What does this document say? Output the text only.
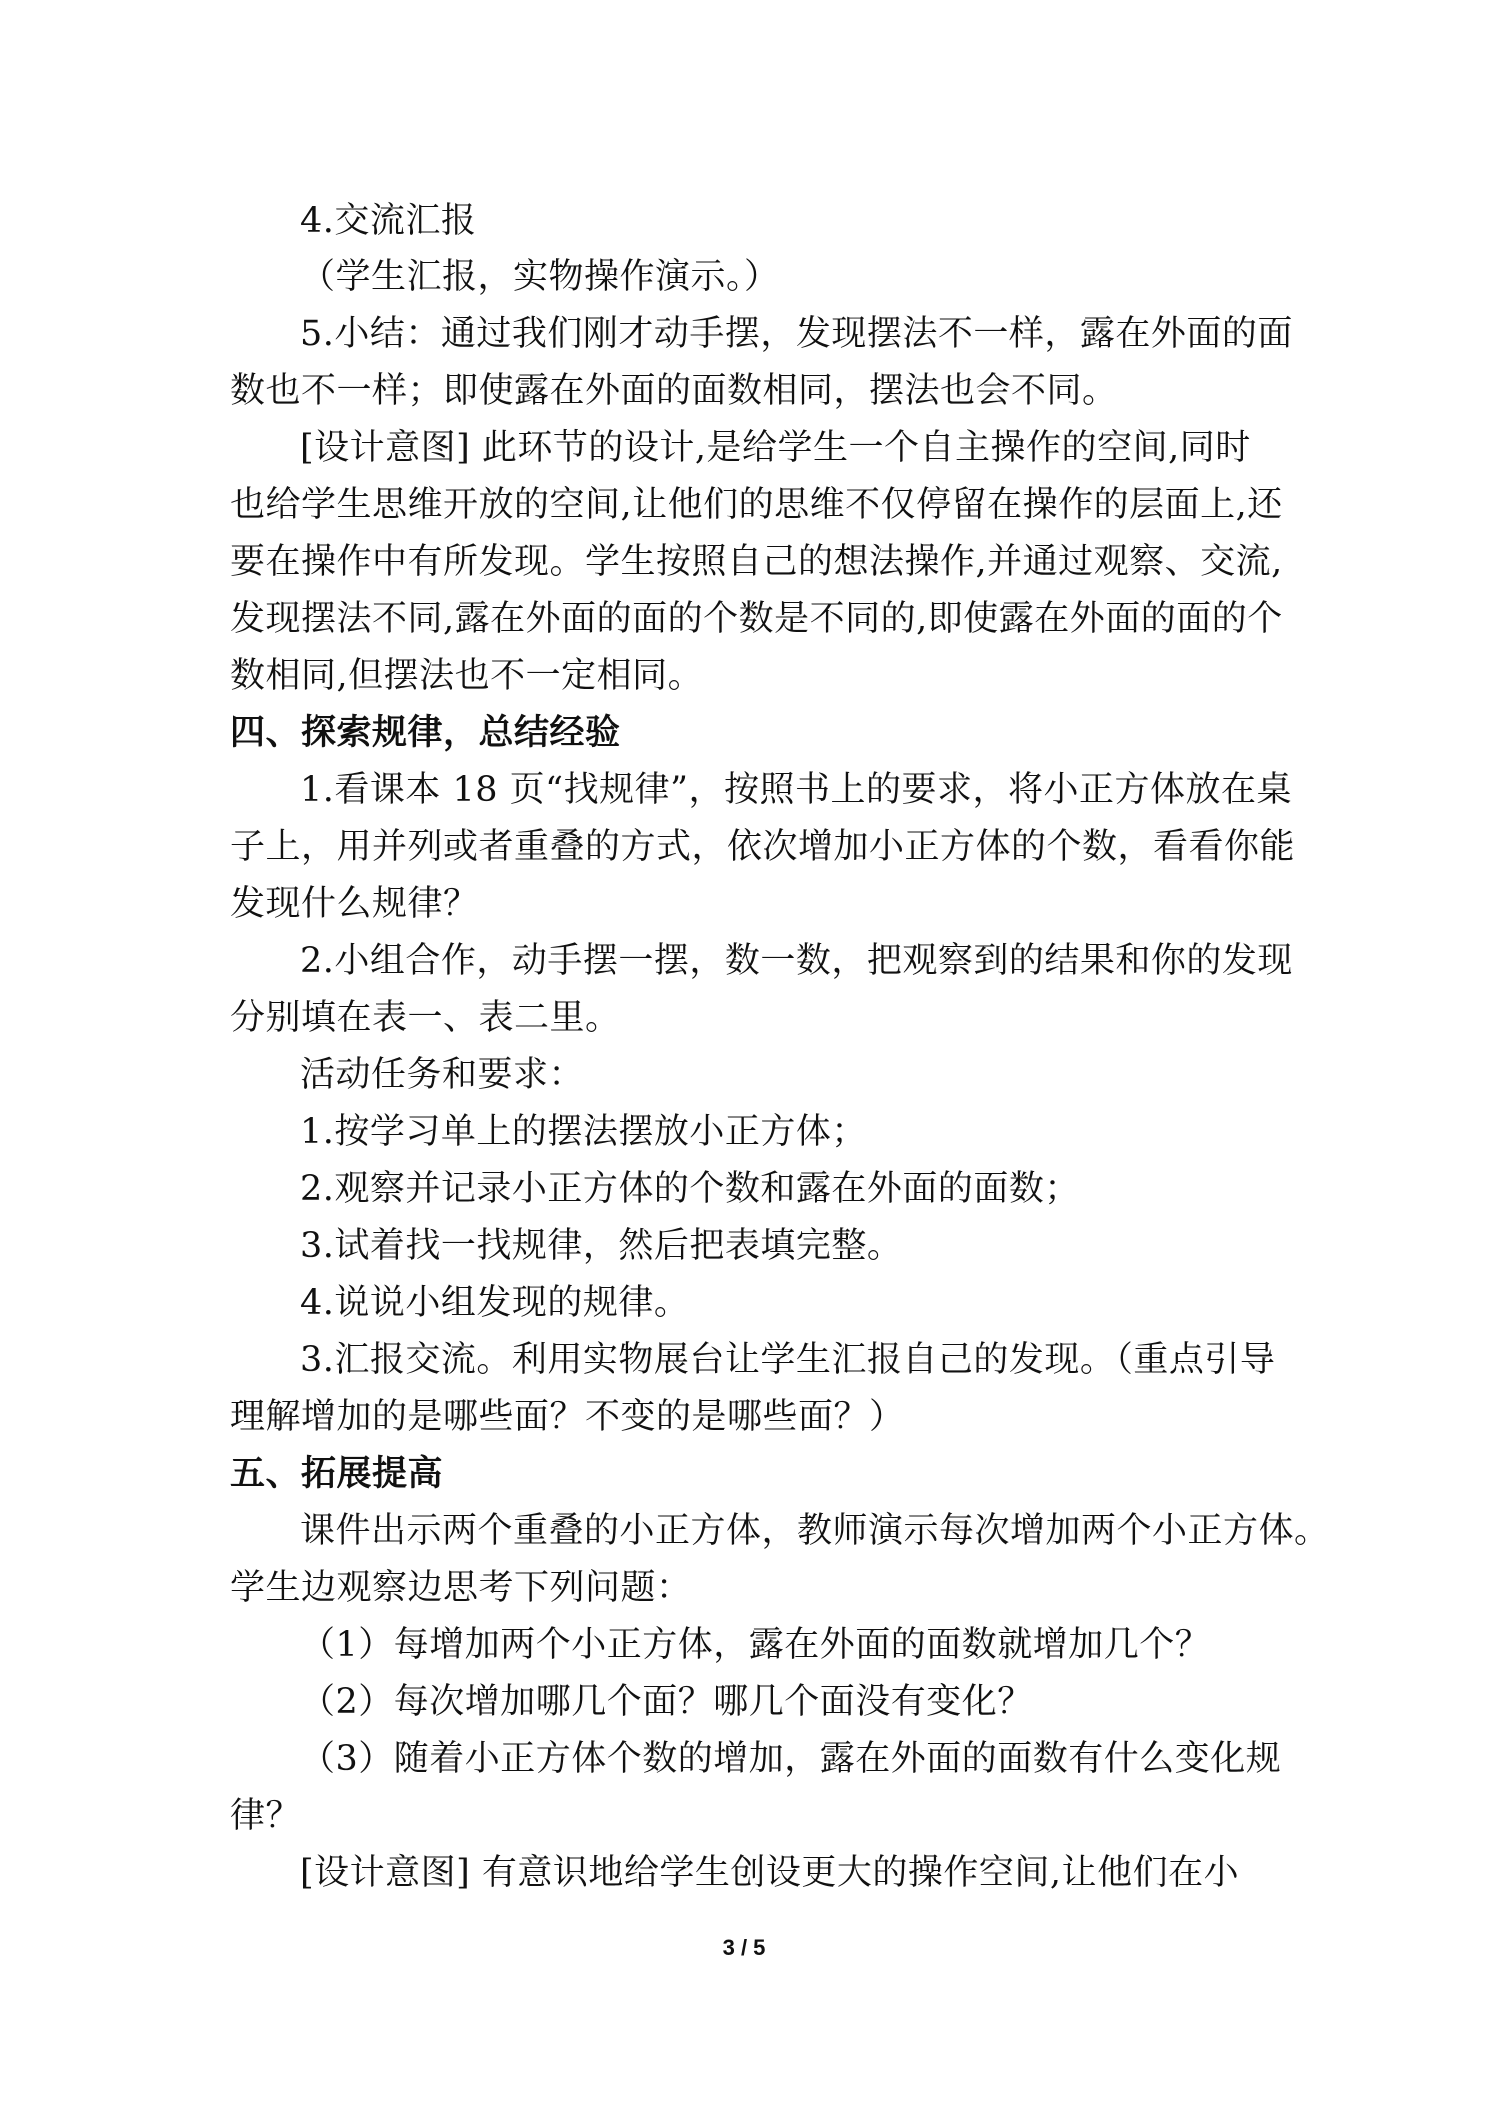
4.交流汇报
（学生汇报，实物操作演示。）
5.小结：通过我们刚才动手摆，发现摆法不一样，露在外面的面
数也不一样；即使露在外面的面数相同，摆法也会不同。
[设计意图] 此环节的设计,是给学生一个自主操作的空间,同时
也给学生思维开放的空间,让他们的思维不仅停留在操作的层面上,还
要在操作中有所发现。学生按照自己的想法操作,并通过观察、交流,
发现摆法不同,露在外面的面的个数是不同的,即使露在外面的面的个
数相同,但摆法也不一定相同。
四、探索规律，总结经验
1.看课本 18 页“找规律”，按照书上的要求，将小正方体放在桌
子上，用并列或者重叠的方式，依次增加小正方体的个数，看看你能
发现什么规律？
2.小组合作，动手摆一摆，数一数，把观察到的结果和你的发现
分别填在表一、表二里。
活动任务和要求：
1.按学习单上的摆法摆放小正方体；
2.观察并记录小正方体的个数和露在外面的面数；
3.试着找一找规律，然后把表填完整。
4.说说小组发现的规律。
3.汇报交流。利用实物展台让学生汇报自己的发现。（重点引导
理解增加的是哪些面？不变的是哪些面？）
五、拓展提高
课件出示两个重叠的小正方体，教师演示每次增加两个小正方体。
学生边观察边思考下列问题：
（1）每增加两个小正方体，露在外面的面数就增加几个？
（2）每次增加哪几个面？哪几个面没有变化？
（3）随着小正方体个数的增加，露在外面的面数有什么变化规
律？
[设计意图] 有意识地给学生创设更大的操作空间,让他们在小
3 / 5
